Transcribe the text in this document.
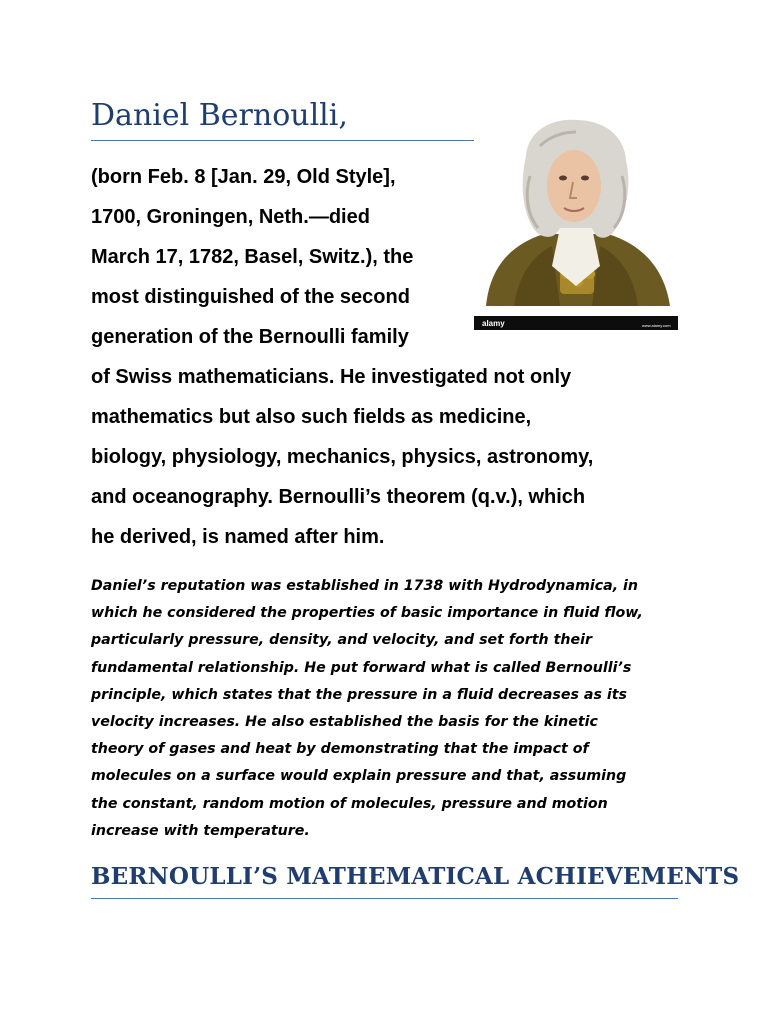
Daniel Bernoulli,
alamy	www.alamy.com

(born Feb. 8 [Jan. 29, Old Style],
1700, Groningen, Neth.—died
March 17, 1782, Basel, Switz.), the
most distinguished of the second
generation of the Bernoulli family
of Swiss mathematicians. He investigated not only
mathematics but also such fields as medicine,
biology, physiology, mechanics, physics, astronomy,
and oceanography. Bernoulli’s theorem (q.v.), which
he derived, is named after him.

Daniel’s reputation was established in 1738 with Hydrodynamica, in
which he considered the properties of basic importance in fluid flow,
particularly pressure, density, and velocity, and set forth their
fundamental relationship. He put forward what is called Bernoulli’s
principle, which states that the pressure in a fluid decreases as its
velocity increases. He also established the basis for the kinetic
theory of gases and heat by demonstrating that the impact of
molecules on a surface would explain pressure and that, assuming
the constant, random motion of molecules, pressure and motion
increase with temperature.

BERNOULLI’S MATHEMATICAL ACHIEVEMENTS
